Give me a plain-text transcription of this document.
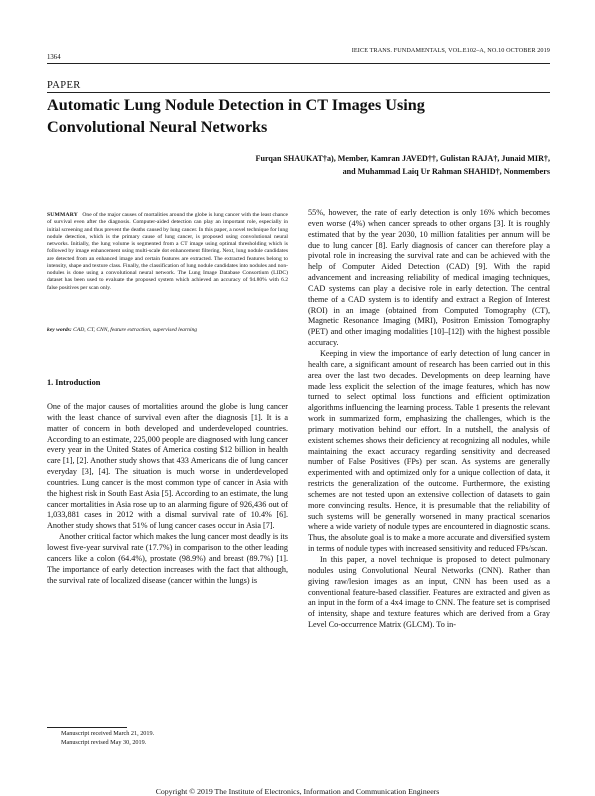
IEICE TRANS. FUNDAMENTALS, VOL.E102–A, NO.10 OCTOBER 2019
1364
PAPER
Automatic Lung Nodule Detection in CT Images Using Convolutional Neural Networks
Furqan SHAUKAT†a), Member, Kamran JAVED††, Gulistan RAJA†, Junaid MIR†,
and Muhammad Laiq Ur Rahman SHAHID†, Nonmembers
SUMMARY One of the major causes of mortalities around the globe is lung cancer with the least chance of survival even after the diagnosis. Computer-aided detection can play an important role, especially in initial screening and thus prevent the deaths caused by lung cancer. In this paper, a novel technique for lung nodule detection, which is the primary cause of lung cancer, is proposed using convolutional neural networks. Initially, the lung volume is segmented from a CT image using optimal thresholding which is followed by image enhancement using multi-scale dot enhancement filtering. Next, lung nodule candidates are detected from an enhanced image and certain features are extracted. The extracted features belong to intensity, shape and texture class. Finally, the classification of lung nodule candidates into nodules and non-nodules is done using a convolutional neural network. The Lung Image Database Consortium (LIDC) dataset has been used to evaluate the proposed system which achieved an accuracy of 94.80% with 6.2 false positives per scan only.
key words: CAD, CT, CNN, feature extraction, supervised learning
1. Introduction

One of the major causes of mortalities around the globe is lung cancer with the least chance of survival even after the diagnosis [1]. It is a matter of concern in both developed and underdeveloped countries. According to an estimate, 225,000 people are diagnosed with lung cancer every year in the United States of America costing $12 billion in health care [1], [2]. Another study shows that 433 Americans die of lung cancer everyday [3], [4]. The situation is much worse in underdeveloped countries. Lung cancer is the most common type of cancer in Asia with the highest risk in South East Asia [5]. According to an estimate, the lung cancer mortalities in Asia rose up to an alarming figure of 926,436 out of 1,033,881 cases in 2012 with a dismal survival rate of 10.4% [6]. Another study shows that 51% of lung cancer cases occur in Asia [7].

Another critical factor which makes the lung cancer most deadly is its lowest five-year survival rate (17.7%) in comparison to the other leading cancers like a colon (64.4%), prostate (98.9%) and breast (89.7%) [1]. The importance of early detection increases with the fact that although, the survival rate of localized disease (cancer within the lungs) is

55%, however, the rate of early detection is only 16% which becomes even worse (4%) when cancer spreads to other organs [3]. It is roughly estimated that by the year 2030, 10 million fatalities per annum will be due to lung cancer [8]. Early diagnosis of cancer can therefore play a pivotal role in increasing the survival rate and can be achieved with the help of Computer Aided Detection (CAD) [9]. With the rapid advancement and increasing reliability of medical imaging techniques, CAD systems can play a decisive role in early detection. The central theme of a CAD system is to identify and extract a Region of Interest (ROI) in an image (obtained from Computed Tomography (CT), Magnetic Resonance Imaging (MRI), Positron Emission Tomography (PET) and other imaging modalities [10]–[12]) with the highest possible accuracy.

Keeping in view the importance of early detection of lung cancer in health care, a significant amount of research has been carried out in this area over the last two decades. Developments on deep learning have made less explicit the selection of the image features, which has now turned to select optimal loss functions and efficient optimization algorithms influencing the learning process. Table 1 presents the relevant work in summarized form, emphasizing the challenges, which is the primary motivation behind our effort. In a nutshell, the analysis of existent schemes shows their deficiency at recognizing all nodules, while maintaining the exact accuracy regarding sensitivity and decreased number of False Positives (FPs) per scan. As systems are generally experimented with and optimized only for a unique collection of data, it restricts the generalization of the outcome. Furthermore, the existing schemes are not tested upon an extensive collection of datasets to gain more convincing results. Hence, it is presumable that the reliability of such systems will be generally worsened in many practical scenarios where a wide variety of nodule types are encountered in diagnostic scans. Thus, the absolute goal is to make a more accurate and diversified system in terms of nodule types with increased sensitivity and reduced FPs/scan.

In this paper, a novel technique is proposed to detect pulmonary nodules using Convolutional Neural Networks (CNN). Rather than giving raw/lesion images as an input, CNN has been used as a conventional feature-based classifier. Features are extracted and given as an input in the form of a 4x4 image to CNN. The feature set is comprised of intensity, shape and texture features which are derived from a Gray Level Co-occurrence Matrix (GLCM). To in-

Manuscript received March 21, 2019.
Manuscript revised May 30, 2019.
Copyright © 2019 The Institute of Electronics, Information and Communication Engineers
